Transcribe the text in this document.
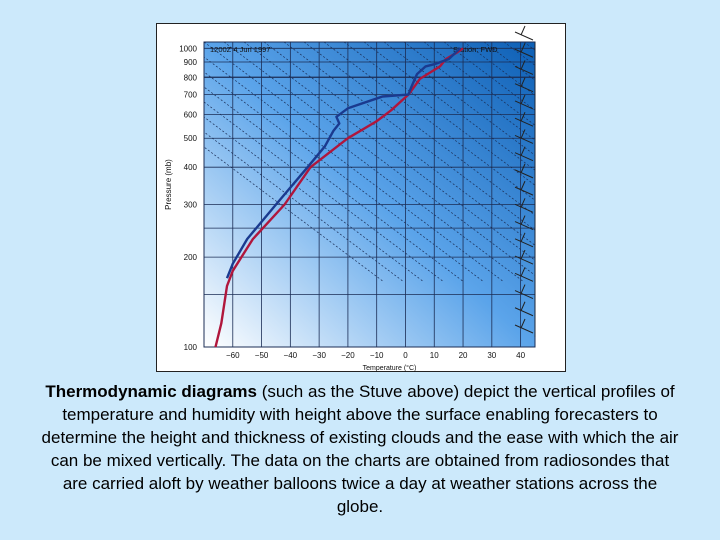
100
200
300
400
500
600
700
800
900
1000
−60 −50 −40 −30 −20 −10 0	10 20 30 40
Temperature (°C)
Pressure (mb)
1200Z 4 Jun 1997	Station: FWD
Thermodynamic diagrams (such as the Stuve above) depict the vertical profiles of temperature and humidity with height above the surface enabling forecasters to determine the height and thickness of existing clouds and the ease with which the air can be mixed vertically. The data on the charts are obtained from radiosondes that are carried aloft by weather balloons twice a day at weather stations across the globe.
